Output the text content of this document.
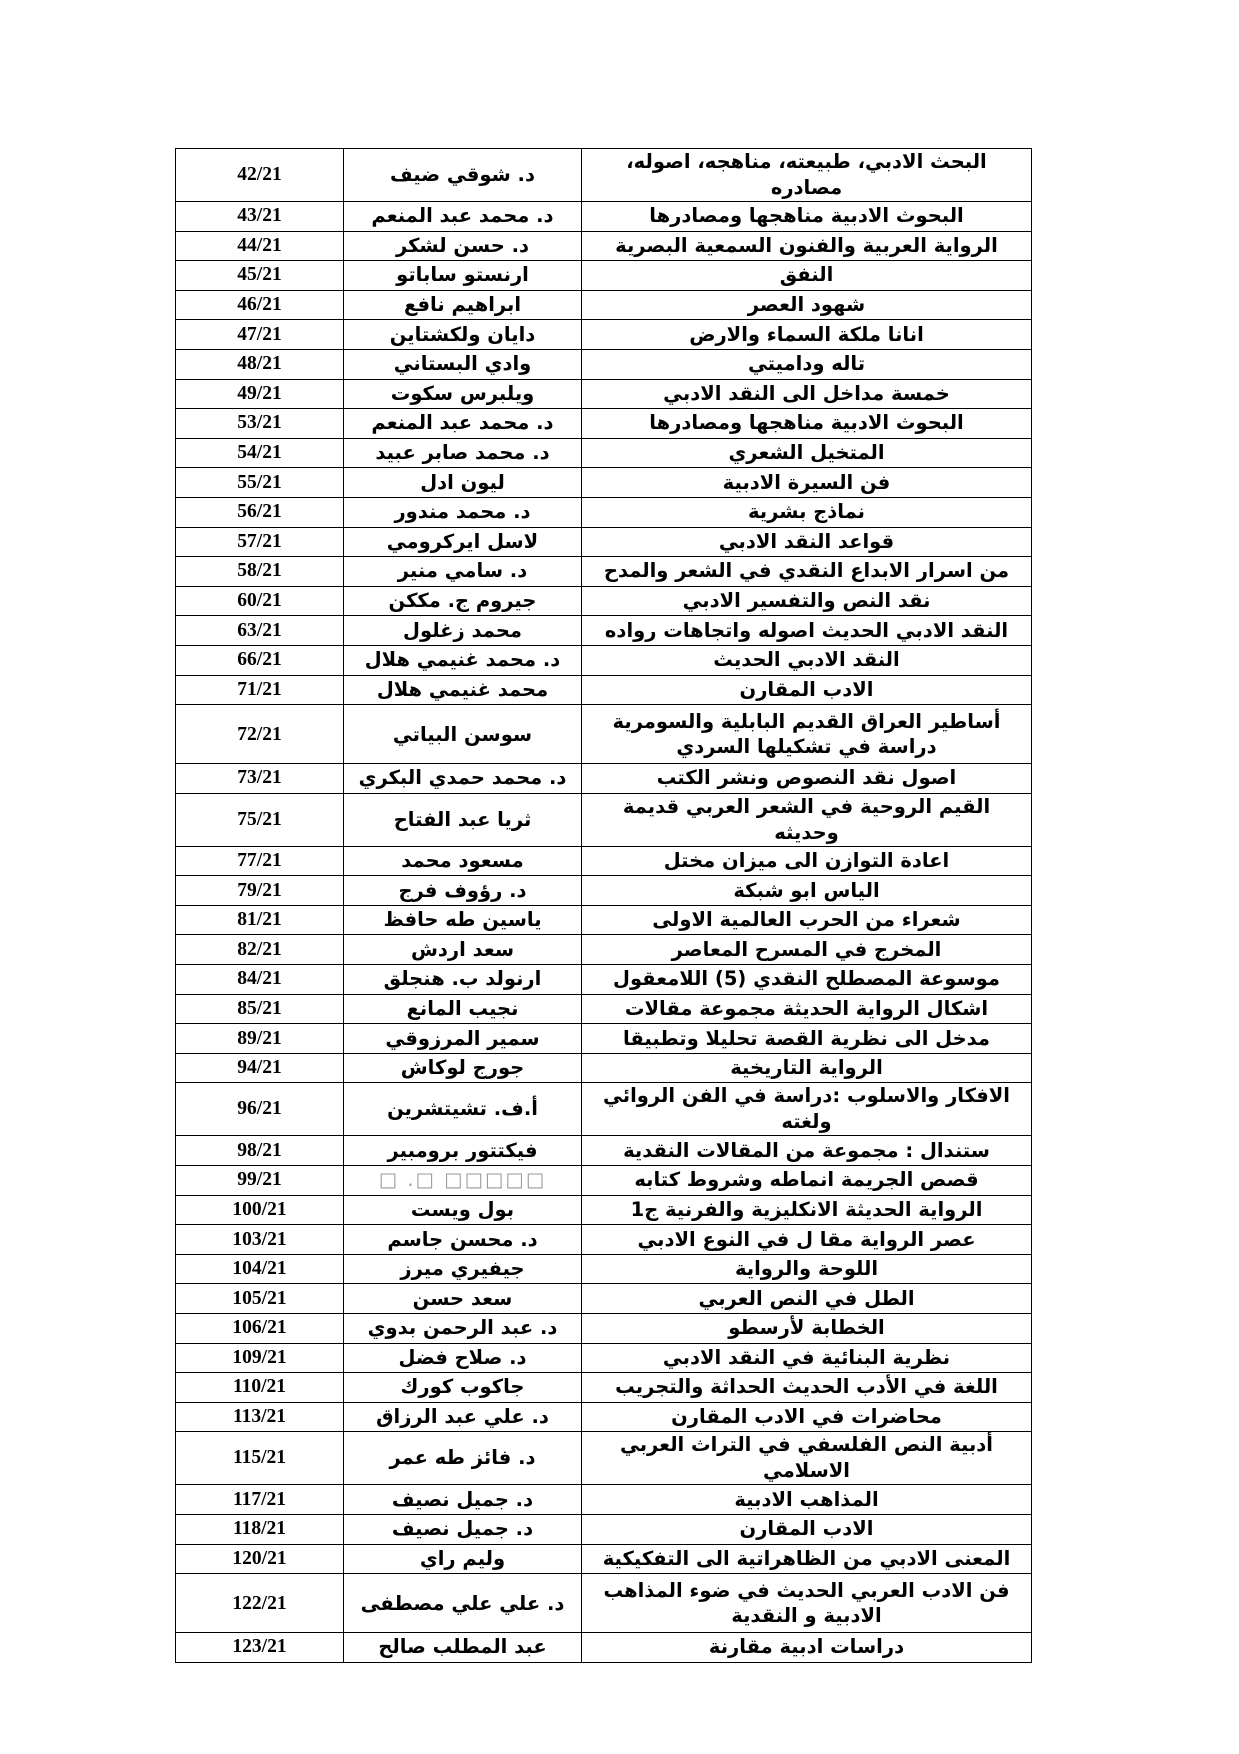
42/21	د. شوقي ضيف	البحث الادبي، طبيعته، مناهجه، اصوله، مصادره
43/21	د. محمد عبد المنعم	البحوث الادبية مناهجها ومصادرها
44/21	د. حسن لشكر	الرواية العربية والفنون السمعية البصرية
45/21	ارنستو ساباتو	النفق
46/21	ابراهيم نافع	شهود العصر
47/21	دايان ولكشتاين	انانا ملكة السماء والارض
48/21	وادي البستاني	تاله وداميتي
49/21	ويلبرس سكوت	خمسة مداخل الى النقد الادبي
53/21	د. محمد عبد المنعم	البحوث الادبية مناهجها ومصادرها
54/21	د. محمد صابر عبيد	المتخيل الشعري
55/21	ليون ادل	فن السيرة الادبية
56/21	د. محمد مندور	نماذج بشرية
57/21	لاسل ايركرومي	قواعد النقد الادبي
58/21	د. سامي منير	من اسرار الابداع النقدي في الشعر والمدح
60/21	جيروم ج. مككن	نقد النص والتفسير الادبي
63/21	محمد زغلول	النقد الادبي الحديث اصوله واتجاهات رواده
66/21	د. محمد غنيمي هلال	النقد الادبي الحديث
71/21	محمد غنيمي هلال	الادب المقارن
72/21	سوسن البياتي	أساطير العراق القديم البابلية والسومرية دراسة في تشكيلها السردي
73/21	د. محمد حمدي البكري	اصول نقد النصوص ونشر الكتب
75/21	ثريا عبد الفتاح	القيم الروحية في الشعر العربي قديمة وحديثه
77/21	مسعود محمد	اعادة التوازن الى ميزان مختل
79/21	د. رؤوف فرج	الياس ابو شبكة
81/21	ياسين طه حافظ	شعراء من الحرب العالمية الاولى
82/21	سعد اردش	المخرج في المسرح المعاصر
84/21	ارنولد ب. هنجلق	موسوعة المصطلح النقدي (5) اللامعقول
85/21	نجيب المانع	اشكال الرواية الحديثة مجموعة مقالات
89/21	سمير المرزوقي	مدخل الى نظرية القصة تحليلا وتطبيقا
94/21	جورج لوكاش	الرواية التاريخية
96/21	أ.ف. تشيتشرين	الافكار والاسلوب :دراسة في الفن الروائي ولغته
98/21	فيكتتور برومبير	ستندال : مجموعة من المقالات النقدية
99/21	□□□□□ □. □	قصص الجريمة انماطه وشروط كتابه
100/21	بول ويست	الرواية الحديثة الانكليزية والفرنية ج1
103/21	د. محسن جاسم	عصر الرواية مقا ل في النوع الادبي
104/21	جيفيري ميرز	اللوحة والرواية
105/21	سعد حسن	الطل في النص العربي
106/21	د. عبد الرحمن بدوي	الخطابة لأرسطو
109/21	د. صلاح فضل	نظرية البنائية في النقد الادبي
110/21	جاكوب كورك	اللغة في الأدب الحديث الحداثة والتجريب
113/21	د. علي عبد الرزاق	محاضرات في الادب المقارن
115/21	د. فائز طه عمر	أدبية النص الفلسفي في التراث العربي الاسلامي
117/21	د. جميل نصيف	المذاهب الادبية
118/21	د. جميل نصيف	الادب المقارن
120/21	وليم راي	المعنى الادبي من الظاهراتية الى التفكيكية
122/21	د. علي علي مصطفى	فن الادب العربي الحديث في ضوء المذاهب الادبية و النقدية
123/21	عبد المطلب صالح	دراسات ادبية مقارنة
